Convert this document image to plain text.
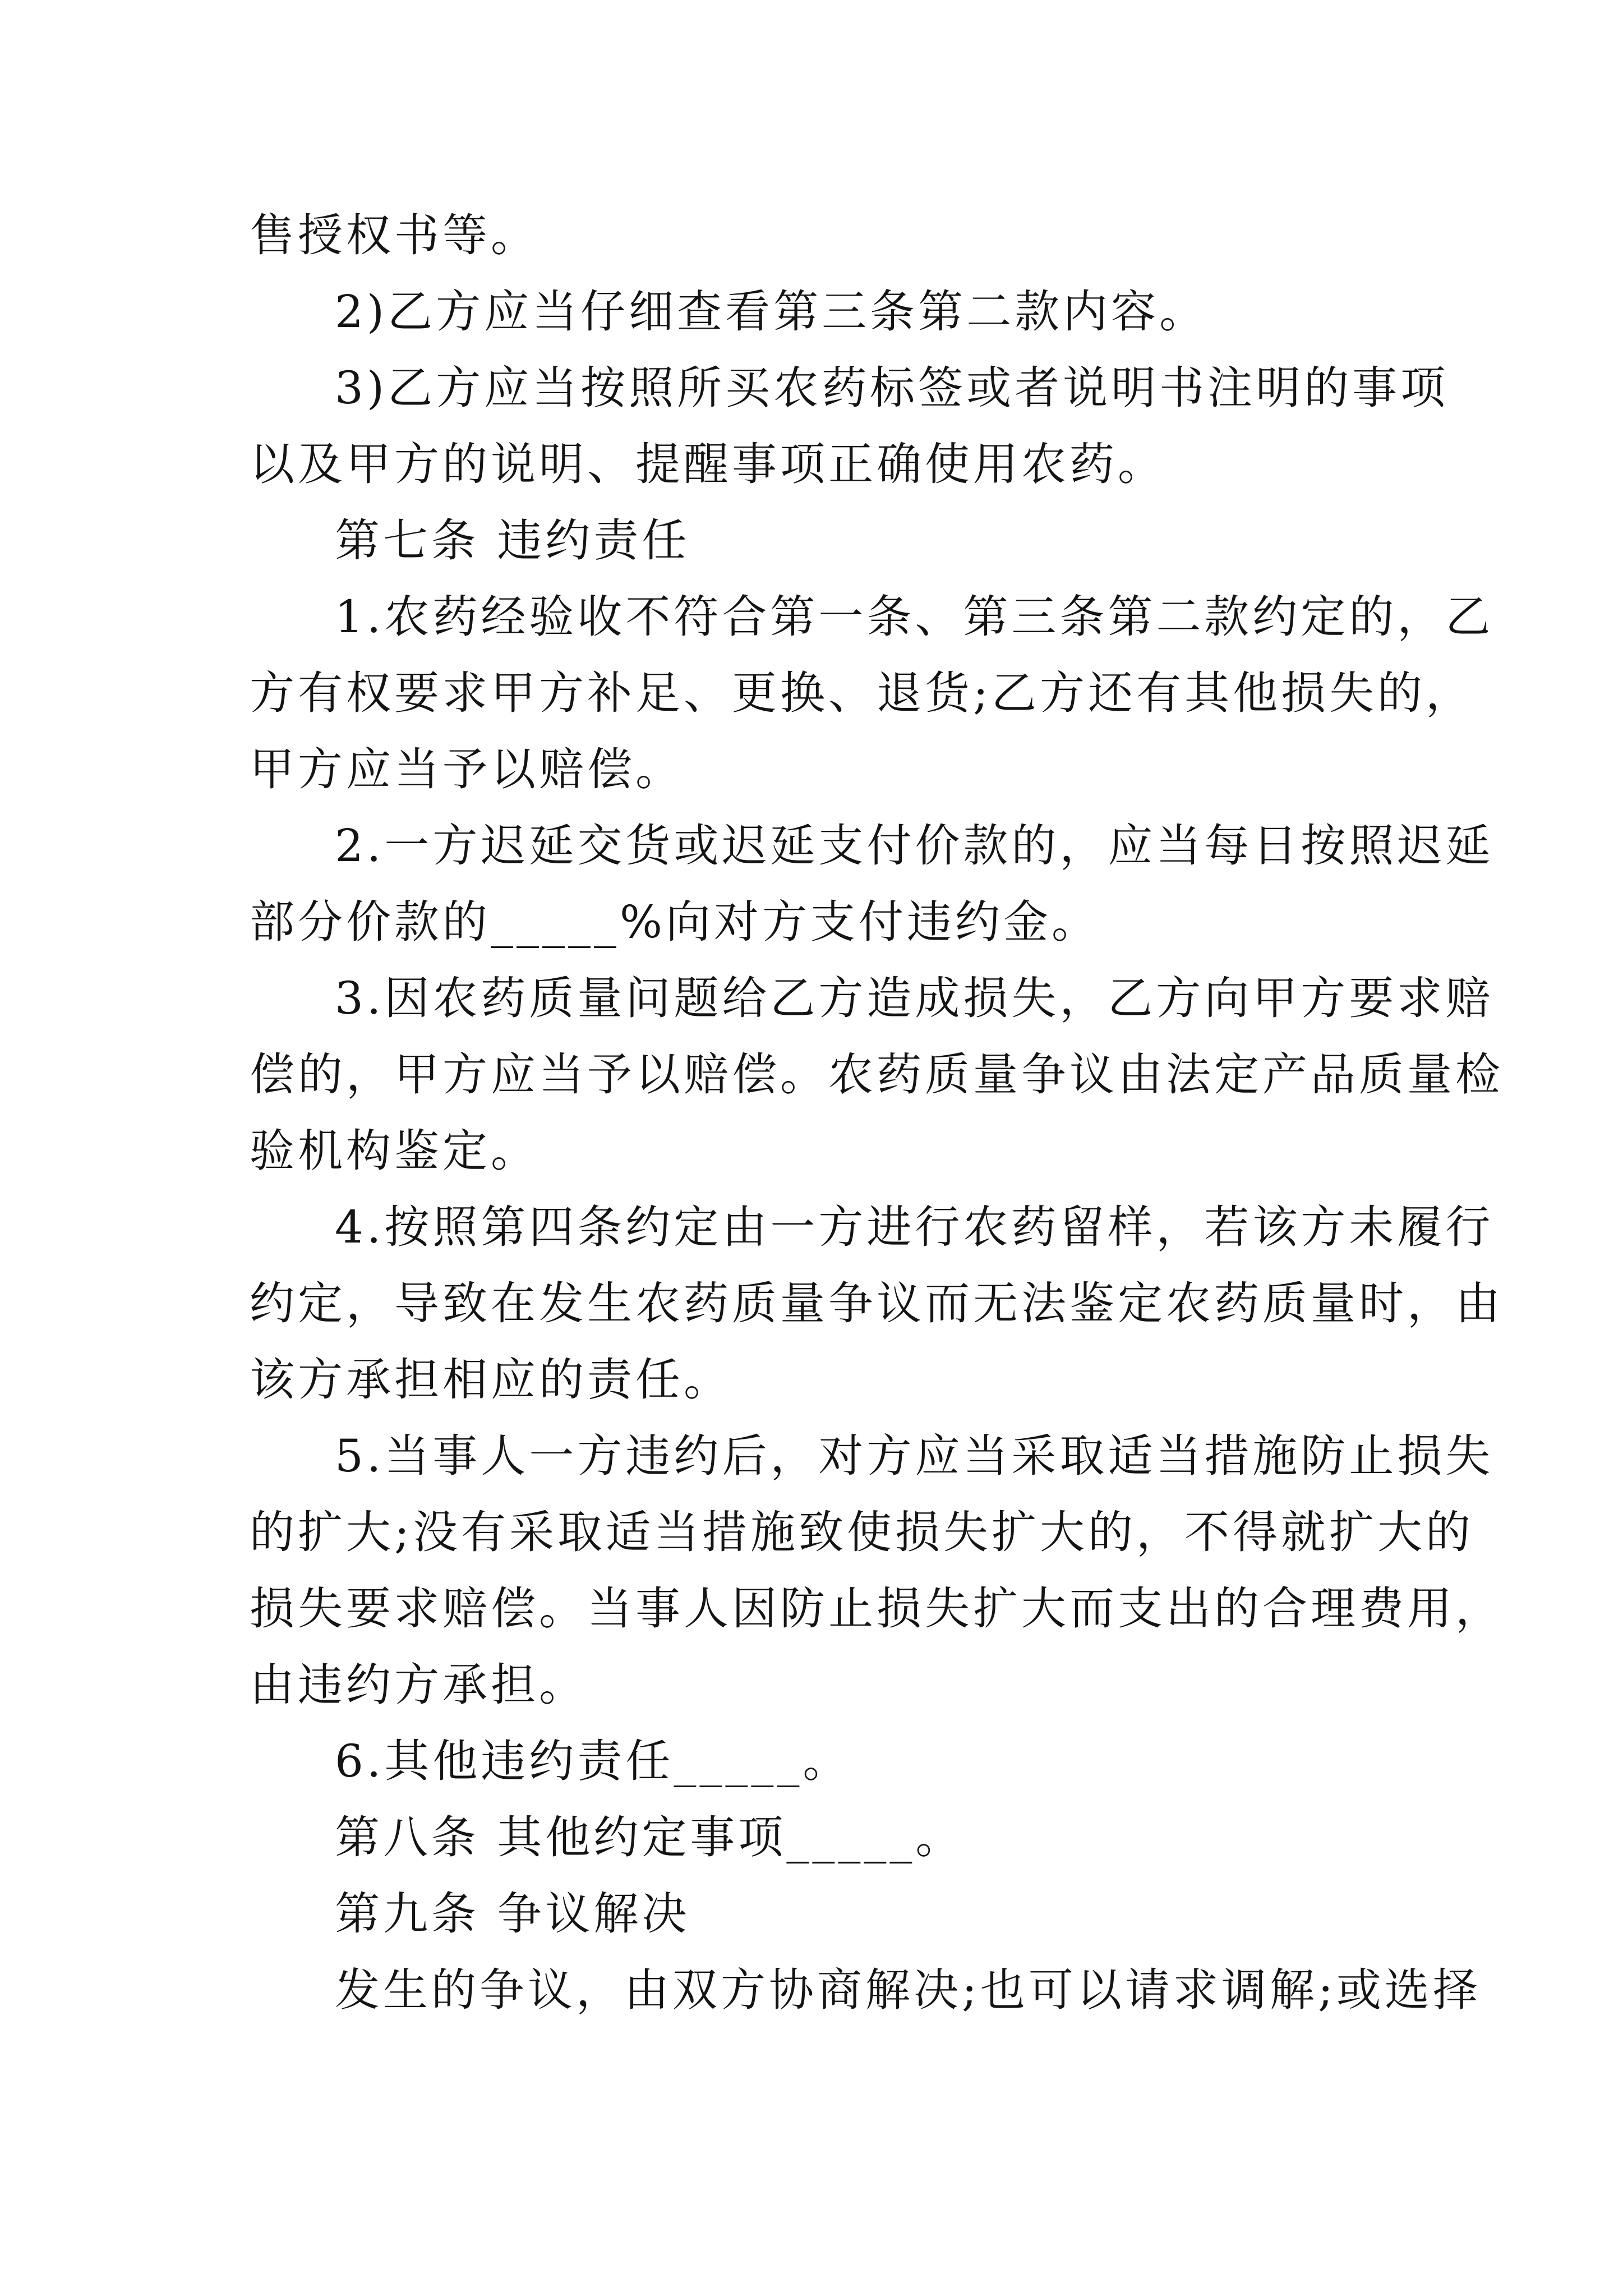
售授权书等。
2)乙方应当仔细查看第三条第二款内容。
3)乙方应当按照所买农药标签或者说明书注明的事项
以及甲方的说明、提醒事项正确使用农药。
第七条 违约责任
1.农药经验收不符合第一条、第三条第二款约定的，乙
方有权要求甲方补足、更换、退货;乙方还有其他损失的，
甲方应当予以赔偿。
2.一方迟延交货或迟延支付价款的，应当每日按照迟延
部分价款的_____%向对方支付违约金。
3.因农药质量问题给乙方造成损失，乙方向甲方要求赔
偿的，甲方应当予以赔偿。农药质量争议由法定产品质量检
验机构鉴定。
4.按照第四条约定由一方进行农药留样，若该方未履行
约定，导致在发生农药质量争议而无法鉴定农药质量时，由
该方承担相应的责任。
5.当事人一方违约后，对方应当采取适当措施防止损失
的扩大;没有采取适当措施致使损失扩大的，不得就扩大的
损失要求赔偿。当事人因防止损失扩大而支出的合理费用，
由违约方承担。
6.其他违约责任_____。
第八条 其他约定事项_____。
第九条 争议解决
发生的争议，由双方协商解决;也可以请求调解;或选择
